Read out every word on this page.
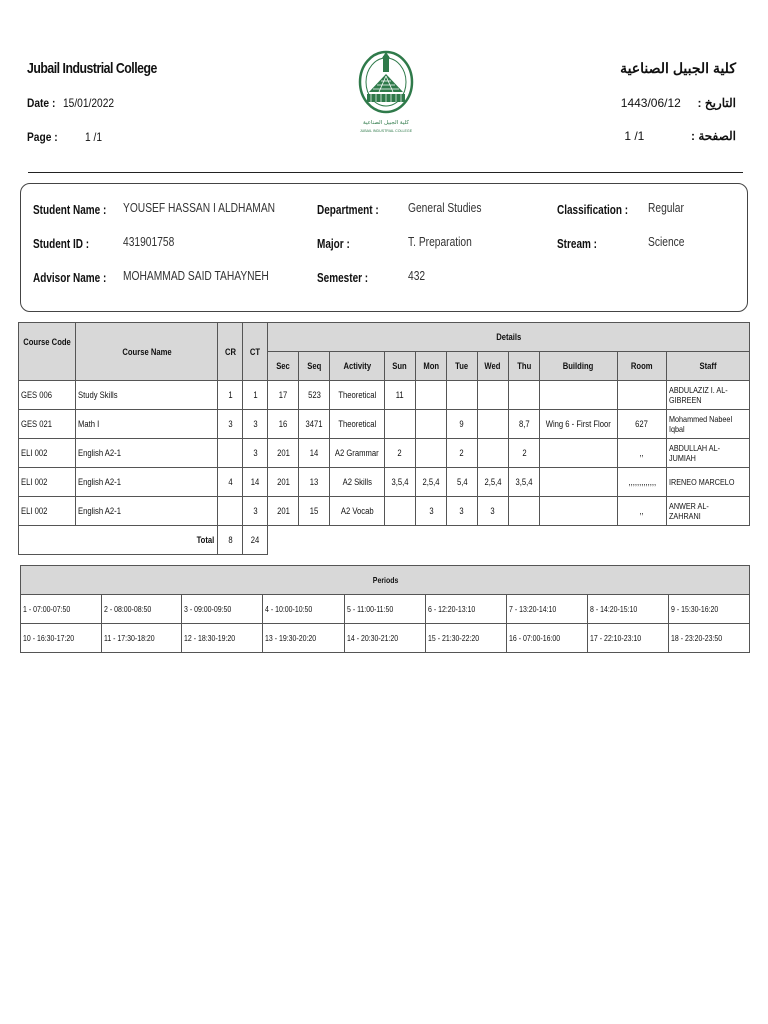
Jubail Industrial College
Date : 15/01/2022
Page : 1 /1
كلية الجبيل الصناعية
التاريخ :     1443/06/12
الصفحة :              1 /1
كلية الجبيل الصناعية
JUBAIL INDUSTRIAL COLLEGE
Student Name : YOUSEF HASSAN I ALDHAMAN
Student ID :	431901758
Advisor Name : MOHAMMAD SAID TAHAYNEH
Department : General Studies
Major :	T. Preparation
Semester :	432
Classification : Regular
Stream :	Science
Course Code	Course Name	CR	CT	Details										
				Sec	Seq	Activity	Sun	Mon	Tue	Wed	Thu	Building	Room	Staff
GES 006	Study Skills	1	1	17	523	Theoretical	11							ABDULAZIZ I. AL-GIBREEN
GES 021	Math I	3	3	16	3471	Theoretical			9		8,7	Wing 6 - First Floor	627	Mohammed Nabeel Iqbal
ELI 002	English A2-1		3	201	14	A2 Grammar	2		2		2		,,	ABDULLAH AL-JUMIAH
ELI 002	English A2-1	4	14	201	13	A2 Skills	3,5,4	2,5,4	5,4	2,5,4	3,5,4		,,,,,,,,,,,,,	IRENEO MARCELO
ELI 002	English A2-1		3	201	15	A2 Vocab		3	3	3			,,	ANWER AL-ZAHRANI
Total		8	24											
Periods								
1 - 07:00-07:50	2 - 08:00-08:50	3 - 09:00-09:50	4 - 10:00-10:50	5 - 11:00-11:50	6 - 12:20-13:10	7 - 13:20-14:10	8 - 14:20-15:10	9 - 15:30-16:20
10 - 16:30-17:20	11 - 17:30-18:20	12 - 18:30-19:20	13 - 19:30-20:20	14 - 20:30-21:20	15 - 21:30-22:20	16 - 07:00-16:00	17 - 22:10-23:10	18 - 23:20-23:50
